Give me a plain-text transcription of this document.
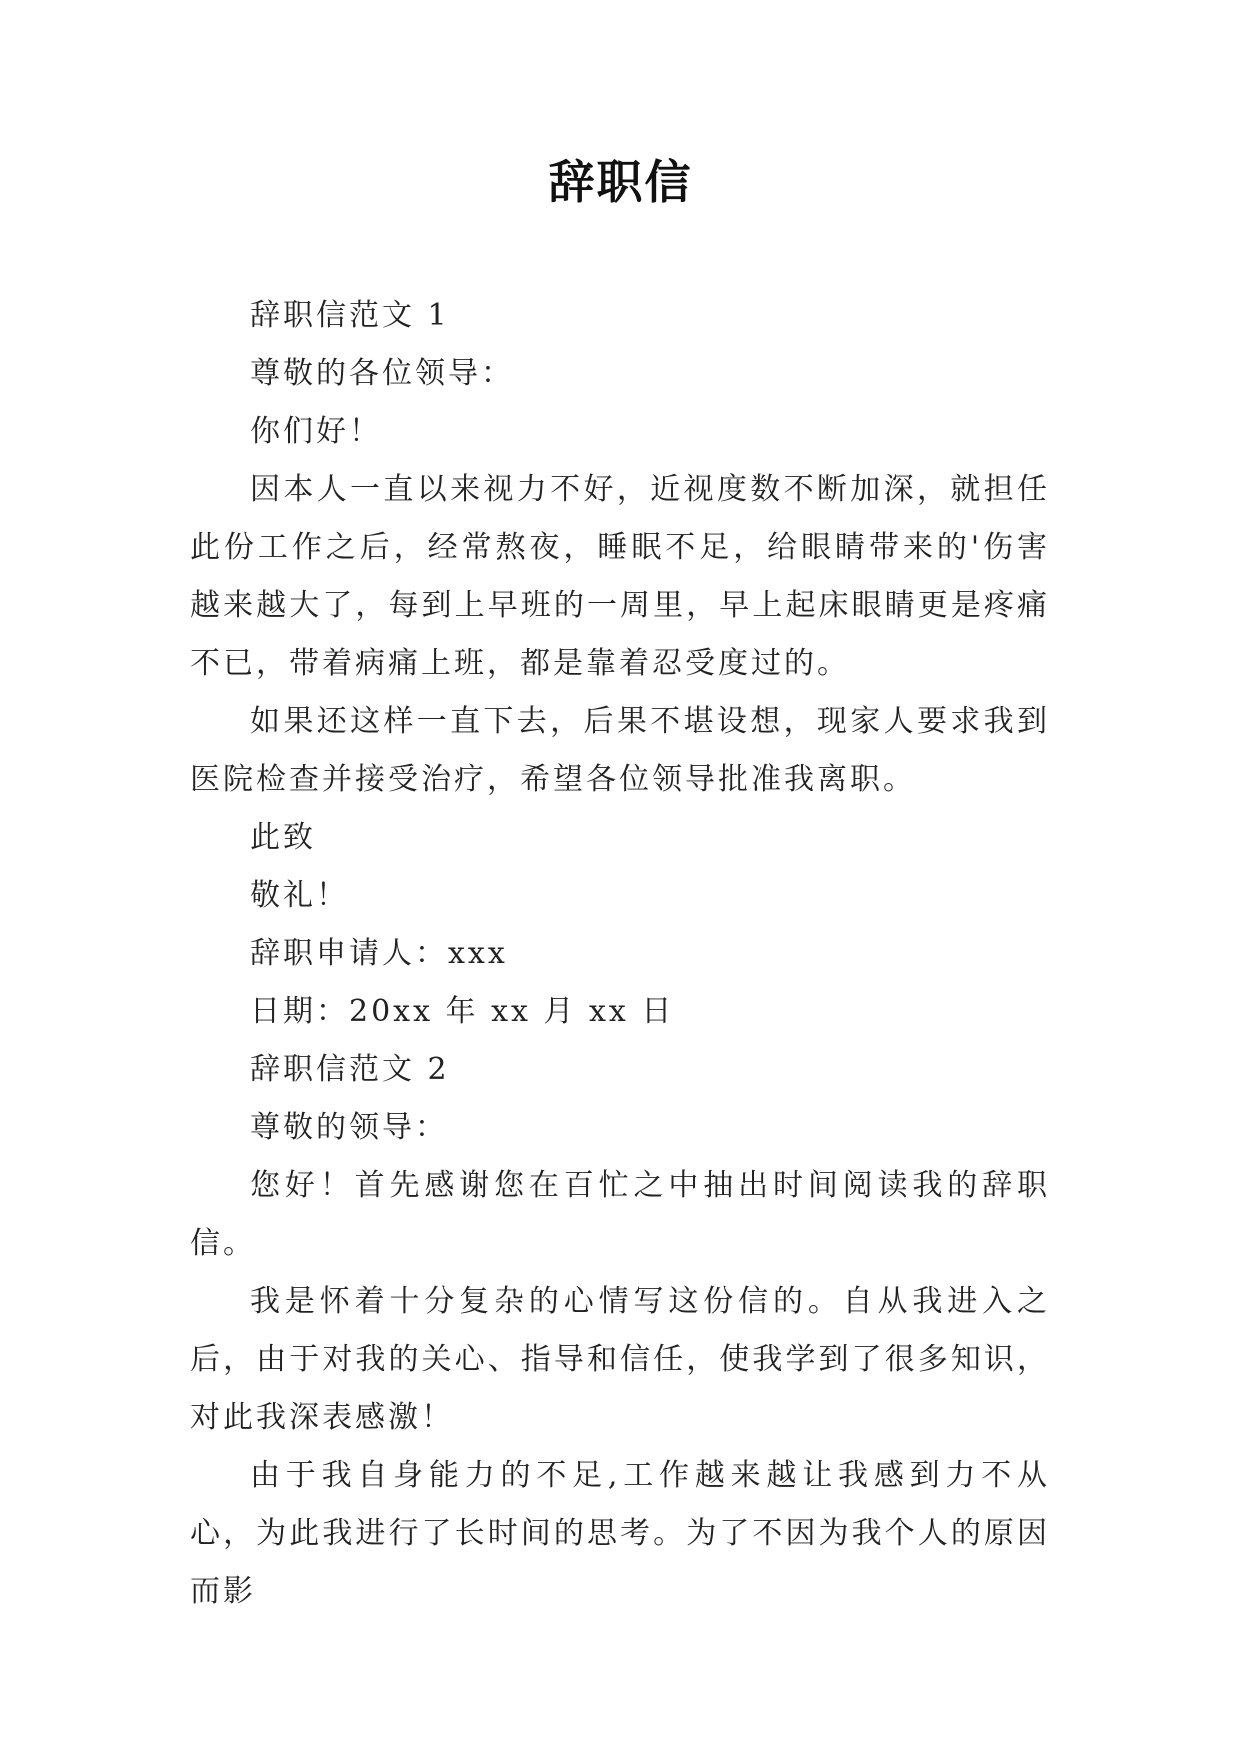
辞职信

辞职信范文 1

尊敬的各位领导：

你们好！

因本人一直以来视力不好，近视度数不断加深，就担任此份工作之后，经常熬夜，睡眠不足，给眼睛带来的'伤害越来越大了，每到上早班的一周里，早上起床眼睛更是疼痛不已，带着病痛上班，都是靠着忍受度过的。

如果还这样一直下去，后果不堪设想，现家人要求我到医院检查并接受治疗，希望各位领导批准我离职。

此致

敬礼！

辞职申请人：xxx

日期：20xx 年 xx 月 xx 日

辞职信范文 2

尊敬的领导：

您好！首先感谢您在百忙之中抽出时间阅读我的辞职信。

我是怀着十分复杂的心情写这份信的。自从我进入之后，由于对我的关心、指导和信任，使我学到了很多知识，对此我深表感激！

由于我自身能力的不足,工作越来越让我感到力不从心，为此我进行了长时间的思考。为了不因为我个人的原因而影
